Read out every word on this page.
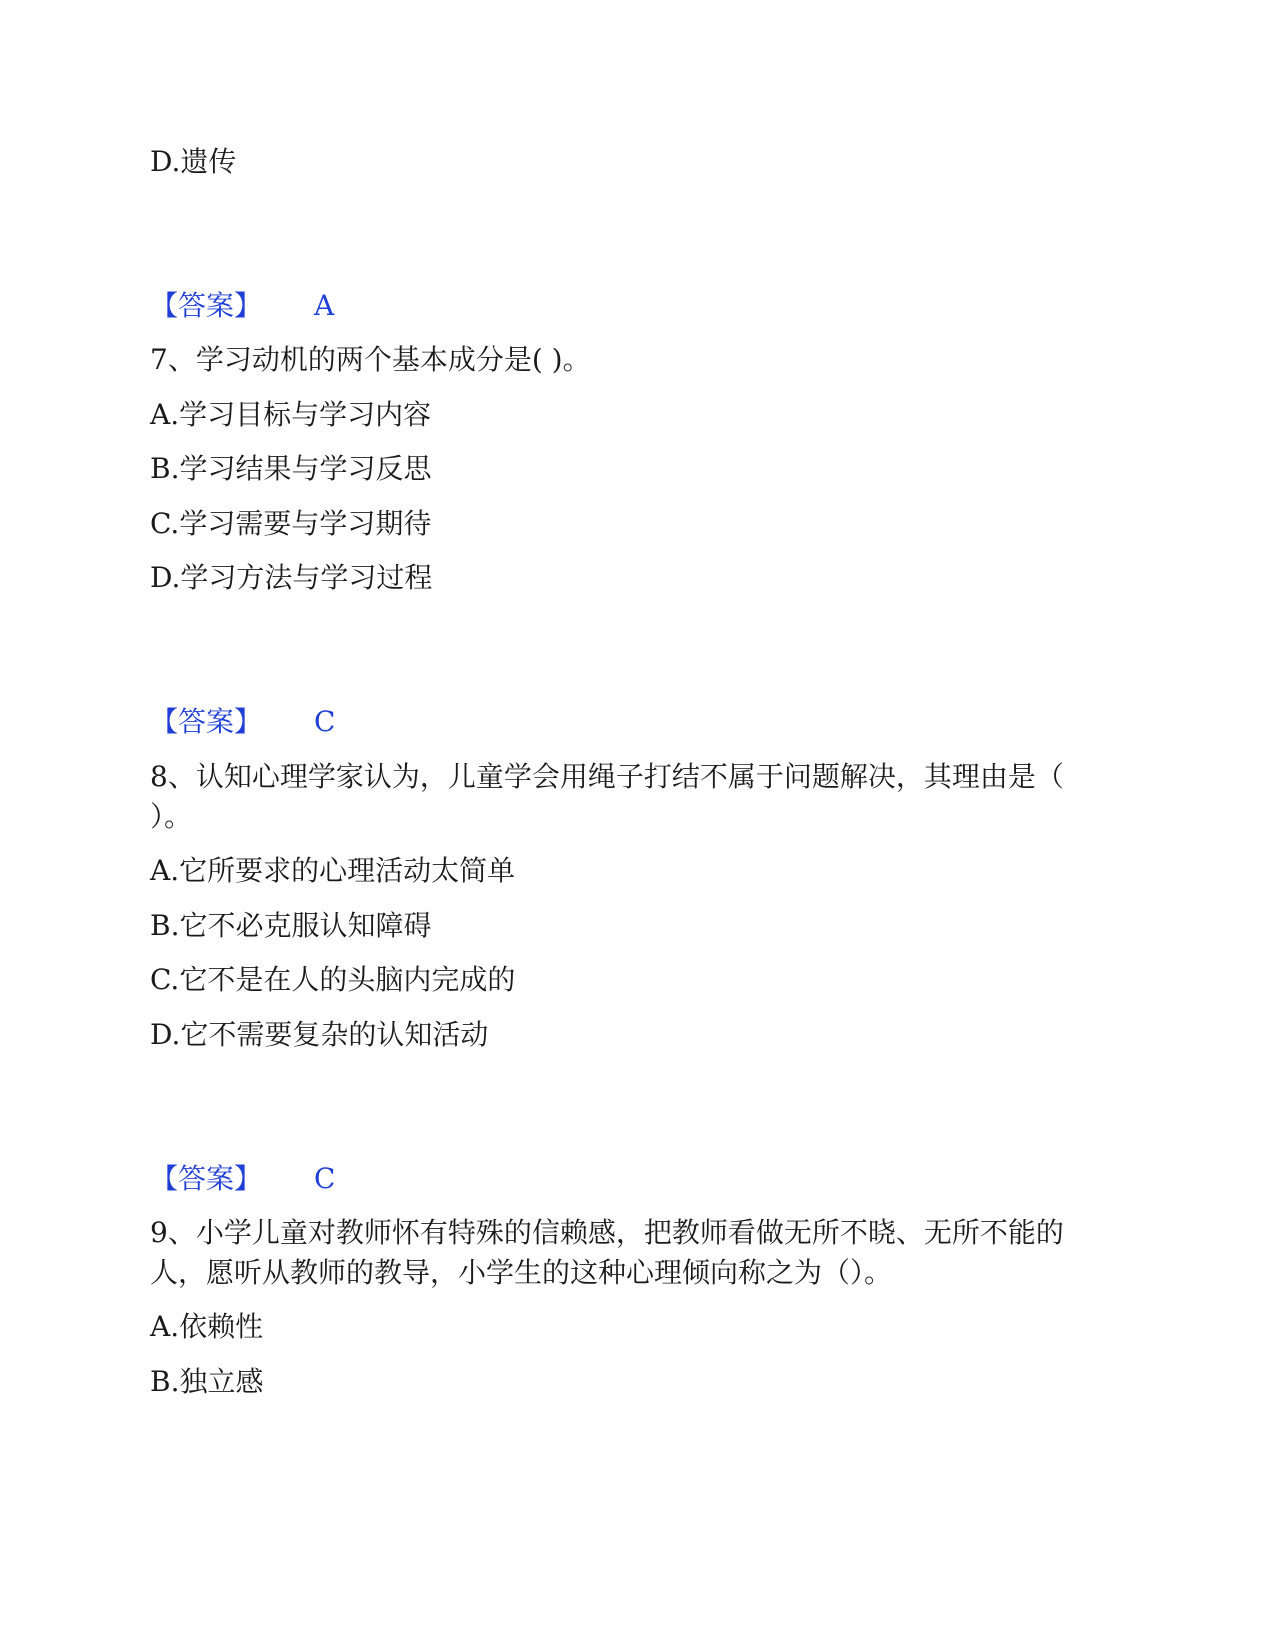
D.遗传
【答案】 A
7、学习动机的两个基本成分是( )。
A.学习目标与学习内容
B.学习结果与学习反思
C.学习需要与学习期待
D.学习方法与学习过程
【答案】 C
8、认知心理学家认为，儿童学会用绳子打结不属于问题解决，其理由是（
）。
A.它所要求的心理活动太简单
B.它不必克服认知障碍
C.它不是在人的头脑内完成的
D.它不需要复杂的认知活动
【答案】 C
9、小学儿童对教师怀有特殊的信赖感，把教师看做无所不晓、无所不能的
人，愿听从教师的教导，小学生的这种心理倾向称之为（）。
A.依赖性
B.独立感
